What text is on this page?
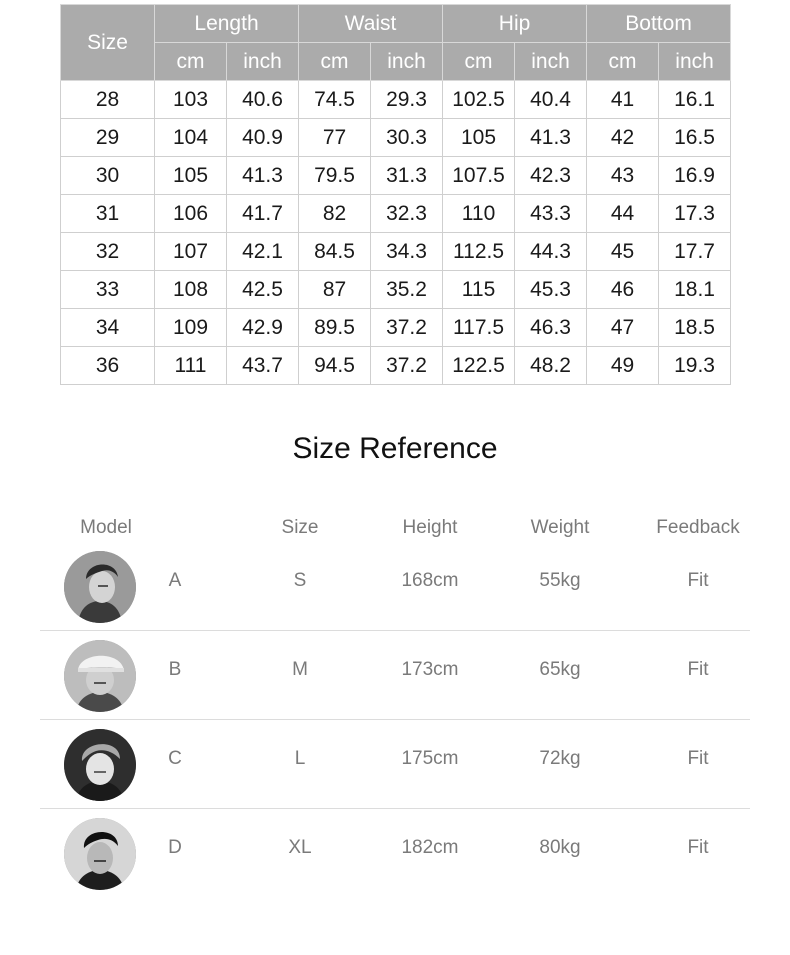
Size	Length		Waist		Hip		Bottom	
	cm	inch	cm	inch	cm	inch	cm	inch
28	103	40.6	74.5	29.3	102.5	40.4	41	16.1
29	104	40.9	77	30.3	105	41.3	42	16.5
30	105	41.3	79.5	31.3	107.5	42.3	43	16.9
31	106	41.7	82	32.3	110	43.3	44	17.3
32	107	42.1	84.5	34.3	112.5	44.3	45	17.7
33	108	42.5	87	35.2	115	45.3	46	18.1
34	109	42.9	89.5	37.2	117.5	46.3	47	18.5
36	111	43.7	94.5	37.2	122.5	48.2	49	19.3
Size Reference
Model	Size	Height	Weight	Feedback
A	S	168cm	55kg	Fit
B	M	173cm	65kg	Fit
C	L	175cm	72kg	Fit
D	XL	182cm	80kg	Fit
